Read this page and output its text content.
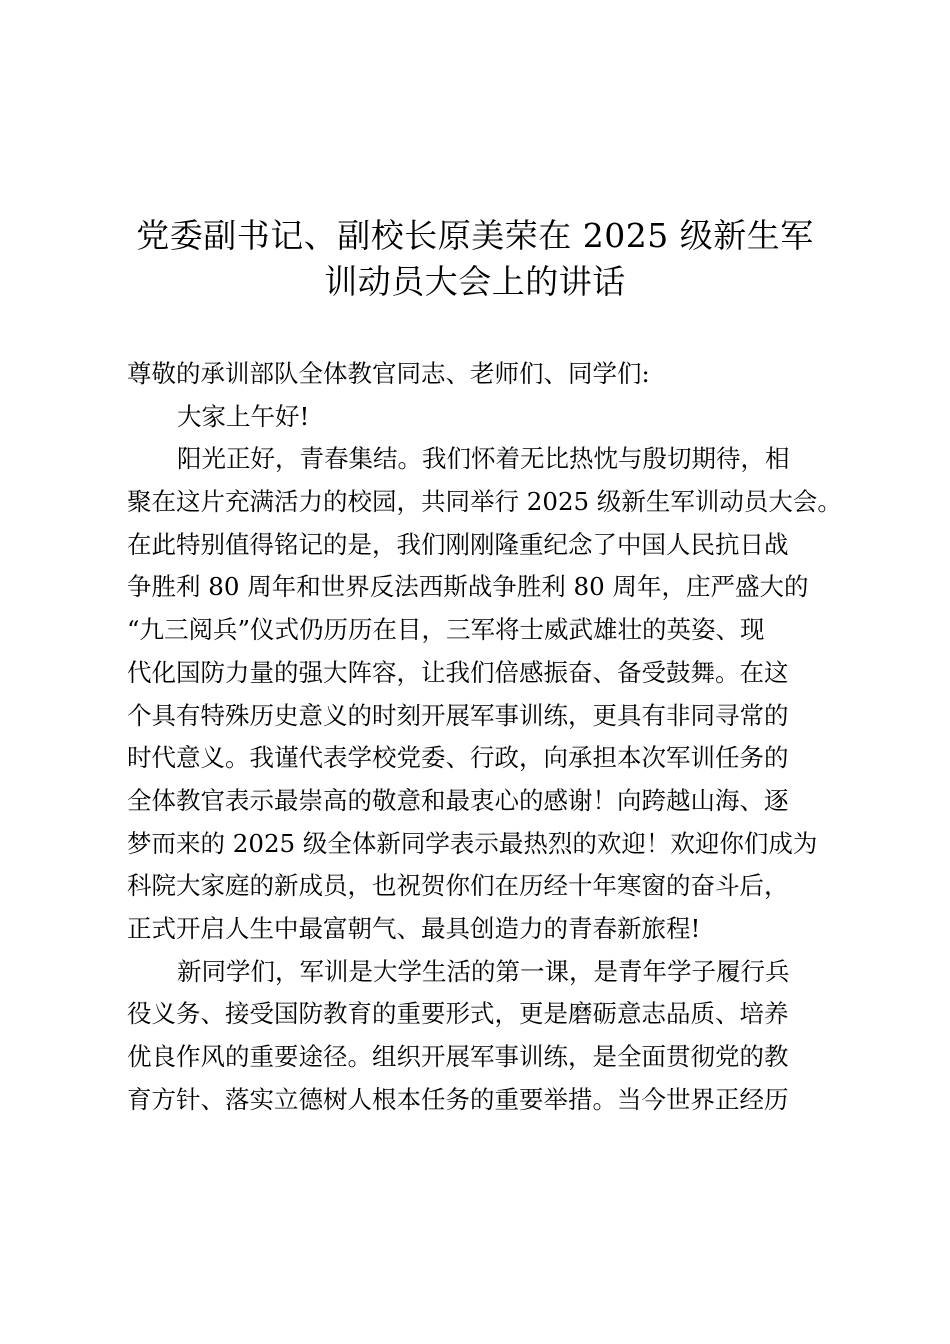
党委副书记、副校长原美荣在 2025 级新生军
训动员大会上的讲话
尊敬的承训部队全体教官同志、老师们、同学们:
大家上午好!
阳光正好，青春集结。我们怀着无比热忱与殷切期待，相
聚在这片充满活力的校园，共同举行 2025 级新生军训动员大会。
在此特别值得铭记的是，我们刚刚隆重纪念了中国人民抗日战
争胜利 80 周年和世界反法西斯战争胜利 80 周年，庄严盛大的
“九三阅兵”仪式仍历历在目，三军将士威武雄壮的英姿、现
代化国防力量的强大阵容，让我们倍感振奋、备受鼓舞。在这
个具有特殊历史意义的时刻开展军事训练，更具有非同寻常的
时代意义。我谨代表学校党委、行政，向承担本次军训任务的
全体教官表示最崇高的敬意和最衷心的感谢！向跨越山海、逐
梦而来的 2025 级全体新同学表示最热烈的欢迎！欢迎你们成为
科院大家庭的新成员，也祝贺你们在历经十年寒窗的奋斗后，
正式开启人生中最富朝气、最具创造力的青春新旅程!
新同学们，军训是大学生活的第一课，是青年学子履行兵
役义务、接受国防教育的重要形式，更是磨砺意志品质、培养
优良作风的重要途径。组织开展军事训练，是全面贯彻党的教
育方针、落实立德树人根本任务的重要举措。当今世界正经历
